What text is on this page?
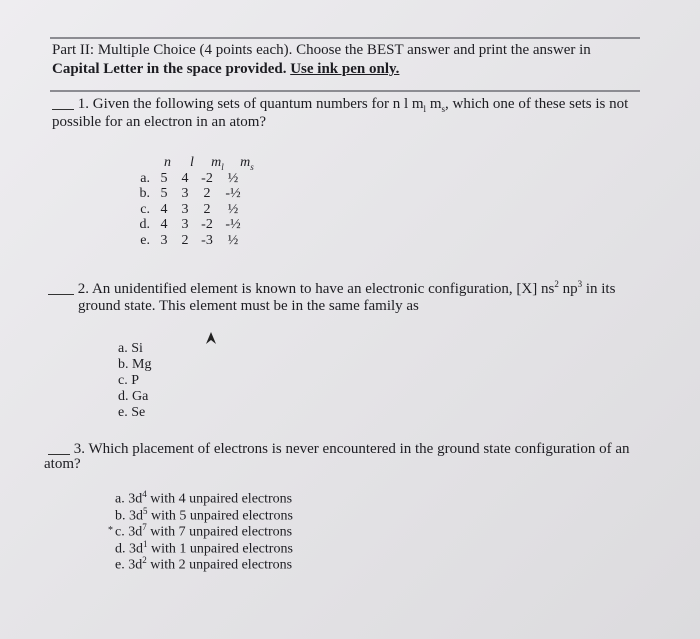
Part II: Multiple Choice (4 points each). Choose the BEST answer and print the answer in
Capital Letter in the space provided. Use ink pen only.
1. Given the following sets of quantum numbers for n l $m_l$ $m_s$, which one of these sets is not
possible for an electron in an atom?
n l $m_l$ $m_s$
a. 5 4 -2 ½
b. 5 3 2 -½
c. 4 3 2 ½
d. 4 3 -2 -½
e. 3 2 -3 ½
2. An unidentified element is known to have an electronic configuration, [X] $ns^2$ $np^3$ in its
ground state. This element must be in the same family as
a. Si
b. Mg
c. P
d. Ga
e. Se
3. Which placement of electrons is never encountered in the ground state configuration of an
atom?
*
a. $3d^4$ with 4 unpaired electrons
b. $3d^5$ with 5 unpaired electrons
c. $3d^7$ with 7 unpaired electrons
d. $3d^1$ with 1 unpaired electrons
e. $3d^2$ with 2 unpaired electrons
